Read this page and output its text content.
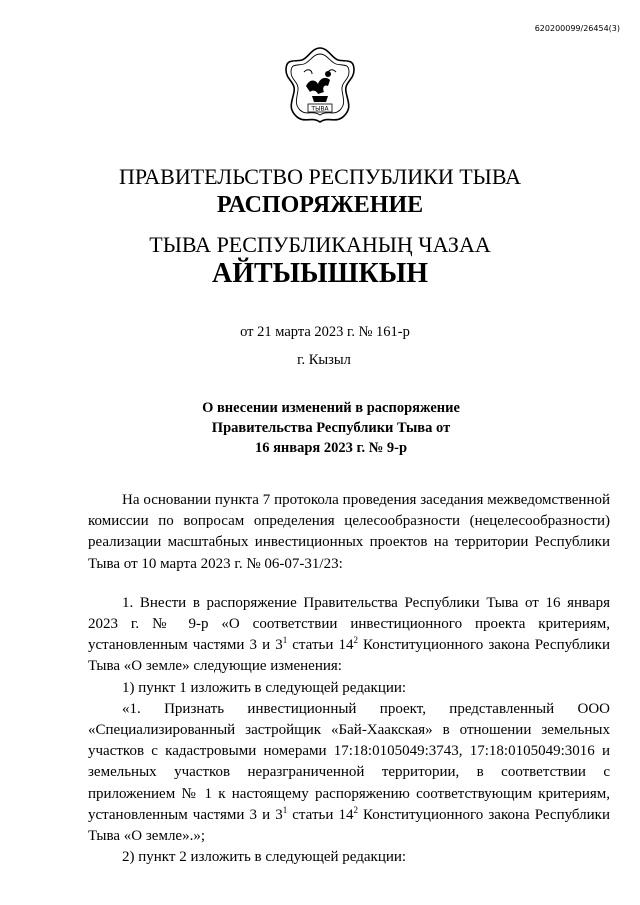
620200099/26454(3)
ТЫВА
ПРАВИТЕЛЬСТВО РЕСПУБЛИКИ ТЫВА
РАСПОРЯЖЕНИЕ
ТЫВА РЕСПУБЛИКАНЫҢ ЧАЗАА
АЙТЫЫШКЫН
от 21 марта 2023 г. № 161-р
г. Кызыл
О внесении изменений в распоряжение
Правительства Республики Тыва от
16 января 2023 г. № 9-р

На основании пункта 7 протокола проведения заседания межведомственной комиссии по вопросам определения целесообразности (нецелесообразности) реализации масштабных инвестиционных проектов на территории Республики Тыва от 10 марта 2023 г. № 06-07-31/23:

1. Внести в распоряжение Правительства Республики Тыва от 16 января 2023 г. № 9-р «О соответствии инвестиционного проекта критериям, установленным частями 3 и $3^1$ статьи $14^2$ Конституционного закона Республики Тыва «О земле» следующие изменения:

1) пункт 1 изложить в следующей редакции:

«1. Признать инвестиционный проект, представленный ООО «Специализированный застройщик «Бай-Хаакская» в отношении земельных участков с кадастровыми номерами 17:18:0105049:3743, 17:18:0105049:3016 и земельных участков неразграниченной территории, в соответствии с приложением № 1 к настоящему распоряжению соответствующим критериям, установленным частями 3 и $3^1$ статьи $14^2$ Конституционного закона Республики Тыва «О земле».»;

2) пункт 2 изложить в следующей редакции:
